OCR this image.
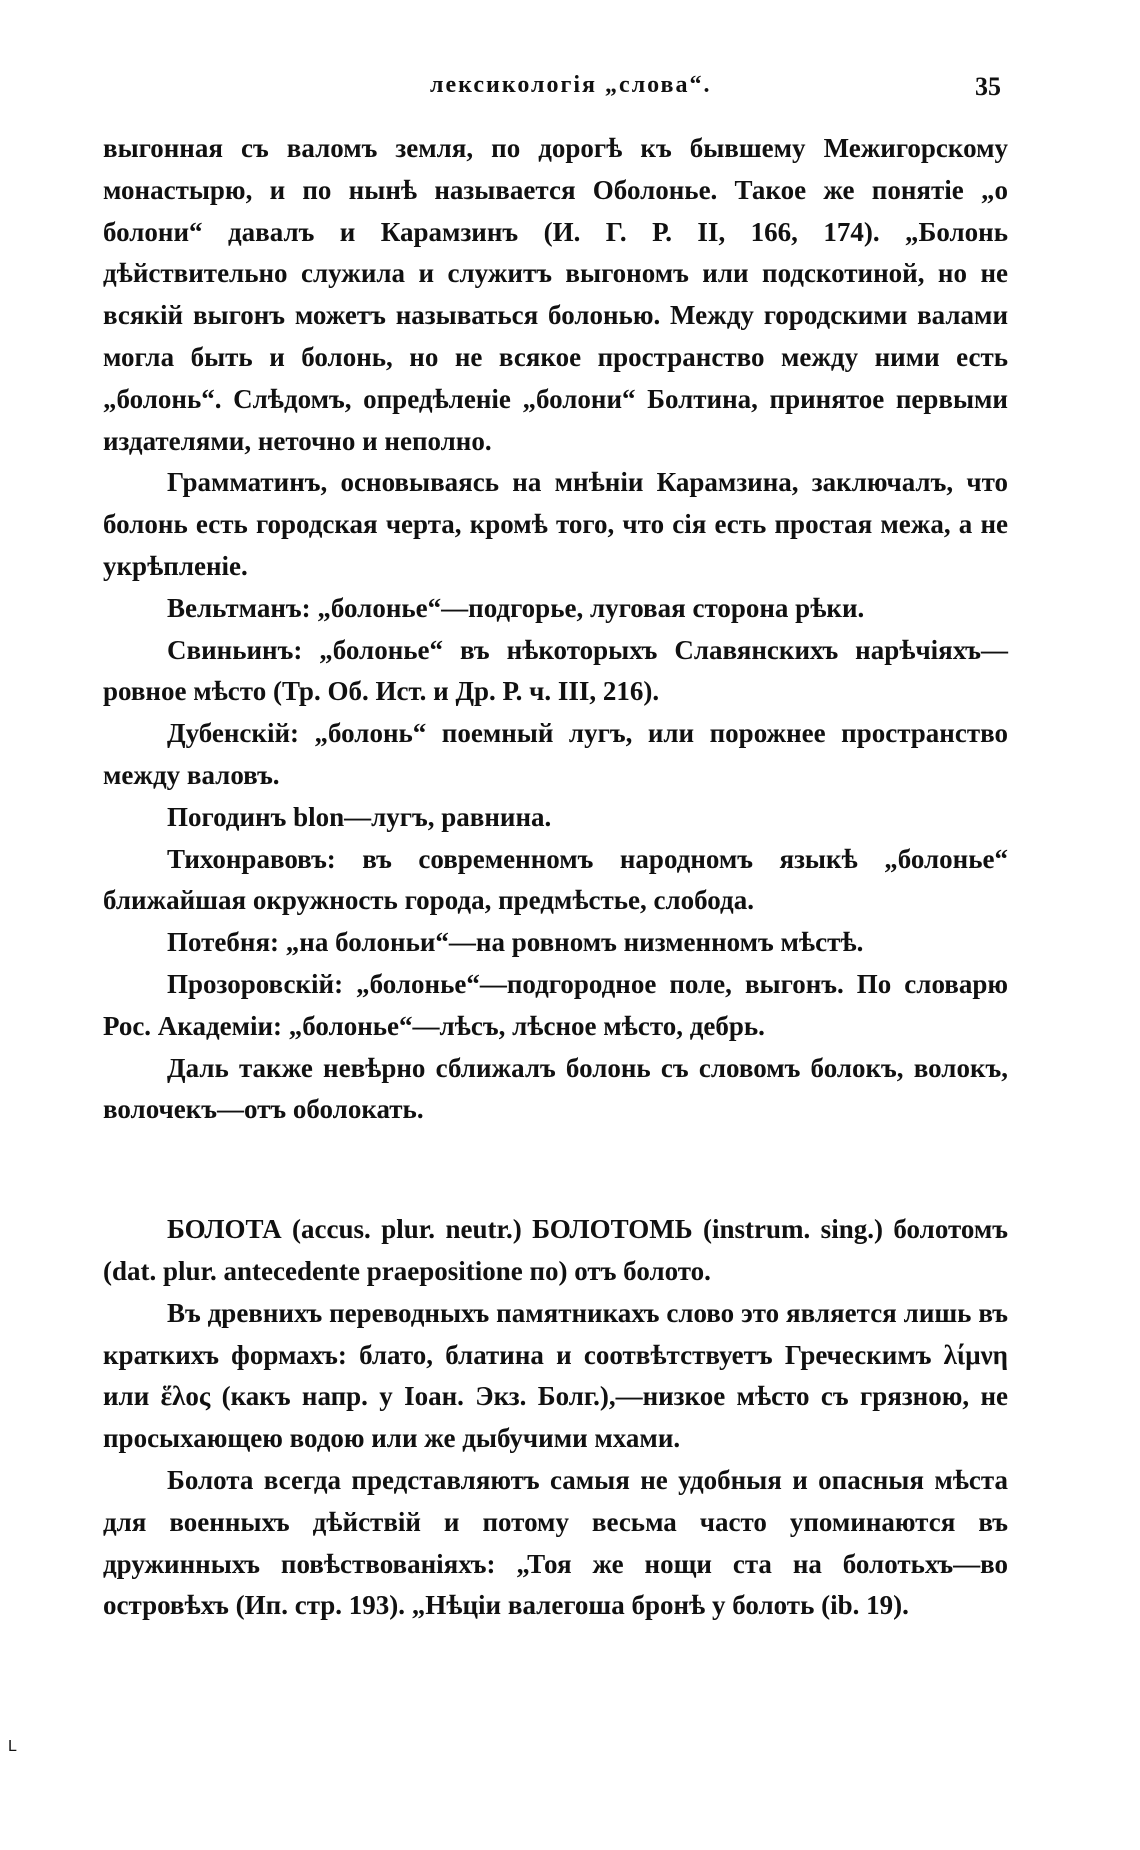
лексикологія „слова“.	35

выгонная съ валомъ земля, по дорогѣ къ бывшему Межигорскому монастырю, и по нынѣ называется Оболонье. Такое же понятіе „о болони“ давалъ и Карамзинъ (И. Г. Р. II, 166, 174). „Болонь дѣйствительно служила и служитъ выгономъ или подскотиной, но не всякій выгонъ можетъ называться болонью. Между городскими валами могла быть и болонь, но не всякое пространство между ними есть „болонь“. Слѣдомъ, опредѣленіе „болони“ Болтина, принятое первыми издателями, неточно и неполно.

Грамматинъ, основываясь на мнѣніи Карамзина, заключалъ, что болонь есть городская черта, кромѣ того, что сія есть простая межа, а не укрѣпленіе.

Вельтманъ: „болонье“—подгорье, луговая сторона рѣки.

Свиньинъ: „болонье“ въ нѣкоторыхъ Славянскихъ нарѣчіяхъ—ровное мѣсто (Тр. Об. Ист. и Др. Р. ч. III, 216).

Дубенскій: „болонь“ поемный лугъ, или порожнее пространство между валовъ.

Погодинъ blon—лугъ, равнина.

Тихонравовъ: въ современномъ народномъ языкѣ „болонье“ ближайшая окружность города, предмѣстье, слобода.

Потебня: „на болоньи“—на ровномъ низменномъ мѣстѣ.

Прозоровскій: „болонье“—подгородное поле, выгонъ. По словарю Рос. Академіи: „болонье“—лѣсъ, лѣсное мѣсто, дебрь.

Даль также невѣрно сближалъ болонь съ словомъ болокъ, волокъ, волочекъ—отъ оболокать.

БОЛОТА (accus. plur. neutr.) БОЛОТОМЬ (instrum. sing.) болотомъ (dat. plur. antecedente praepositione по) отъ болото.

Въ древнихъ переводныхъ памятникахъ слово это является лишь въ краткихъ формахъ: блато, блатина и соотвѣтствуетъ Греческимъ λίμνη или ἕλος (какъ напр. у Іоан. Экз. Болг.),—низкое мѣсто съ грязною, не просыхающею водою или же дыбучими мхами.

Болота всегда представляютъ самыя не удобныя и опасныя мѣста для военныхъ дѣйствій и потому весьма часто упоминаются въ дружинныхъ повѣствованіяхъ: „Тоя же нощи ста на болотьхъ—во островѣхъ (Ип. стр. 193). „Нѣціи валегоша бронѣ у болоть (ib. 19).

L
